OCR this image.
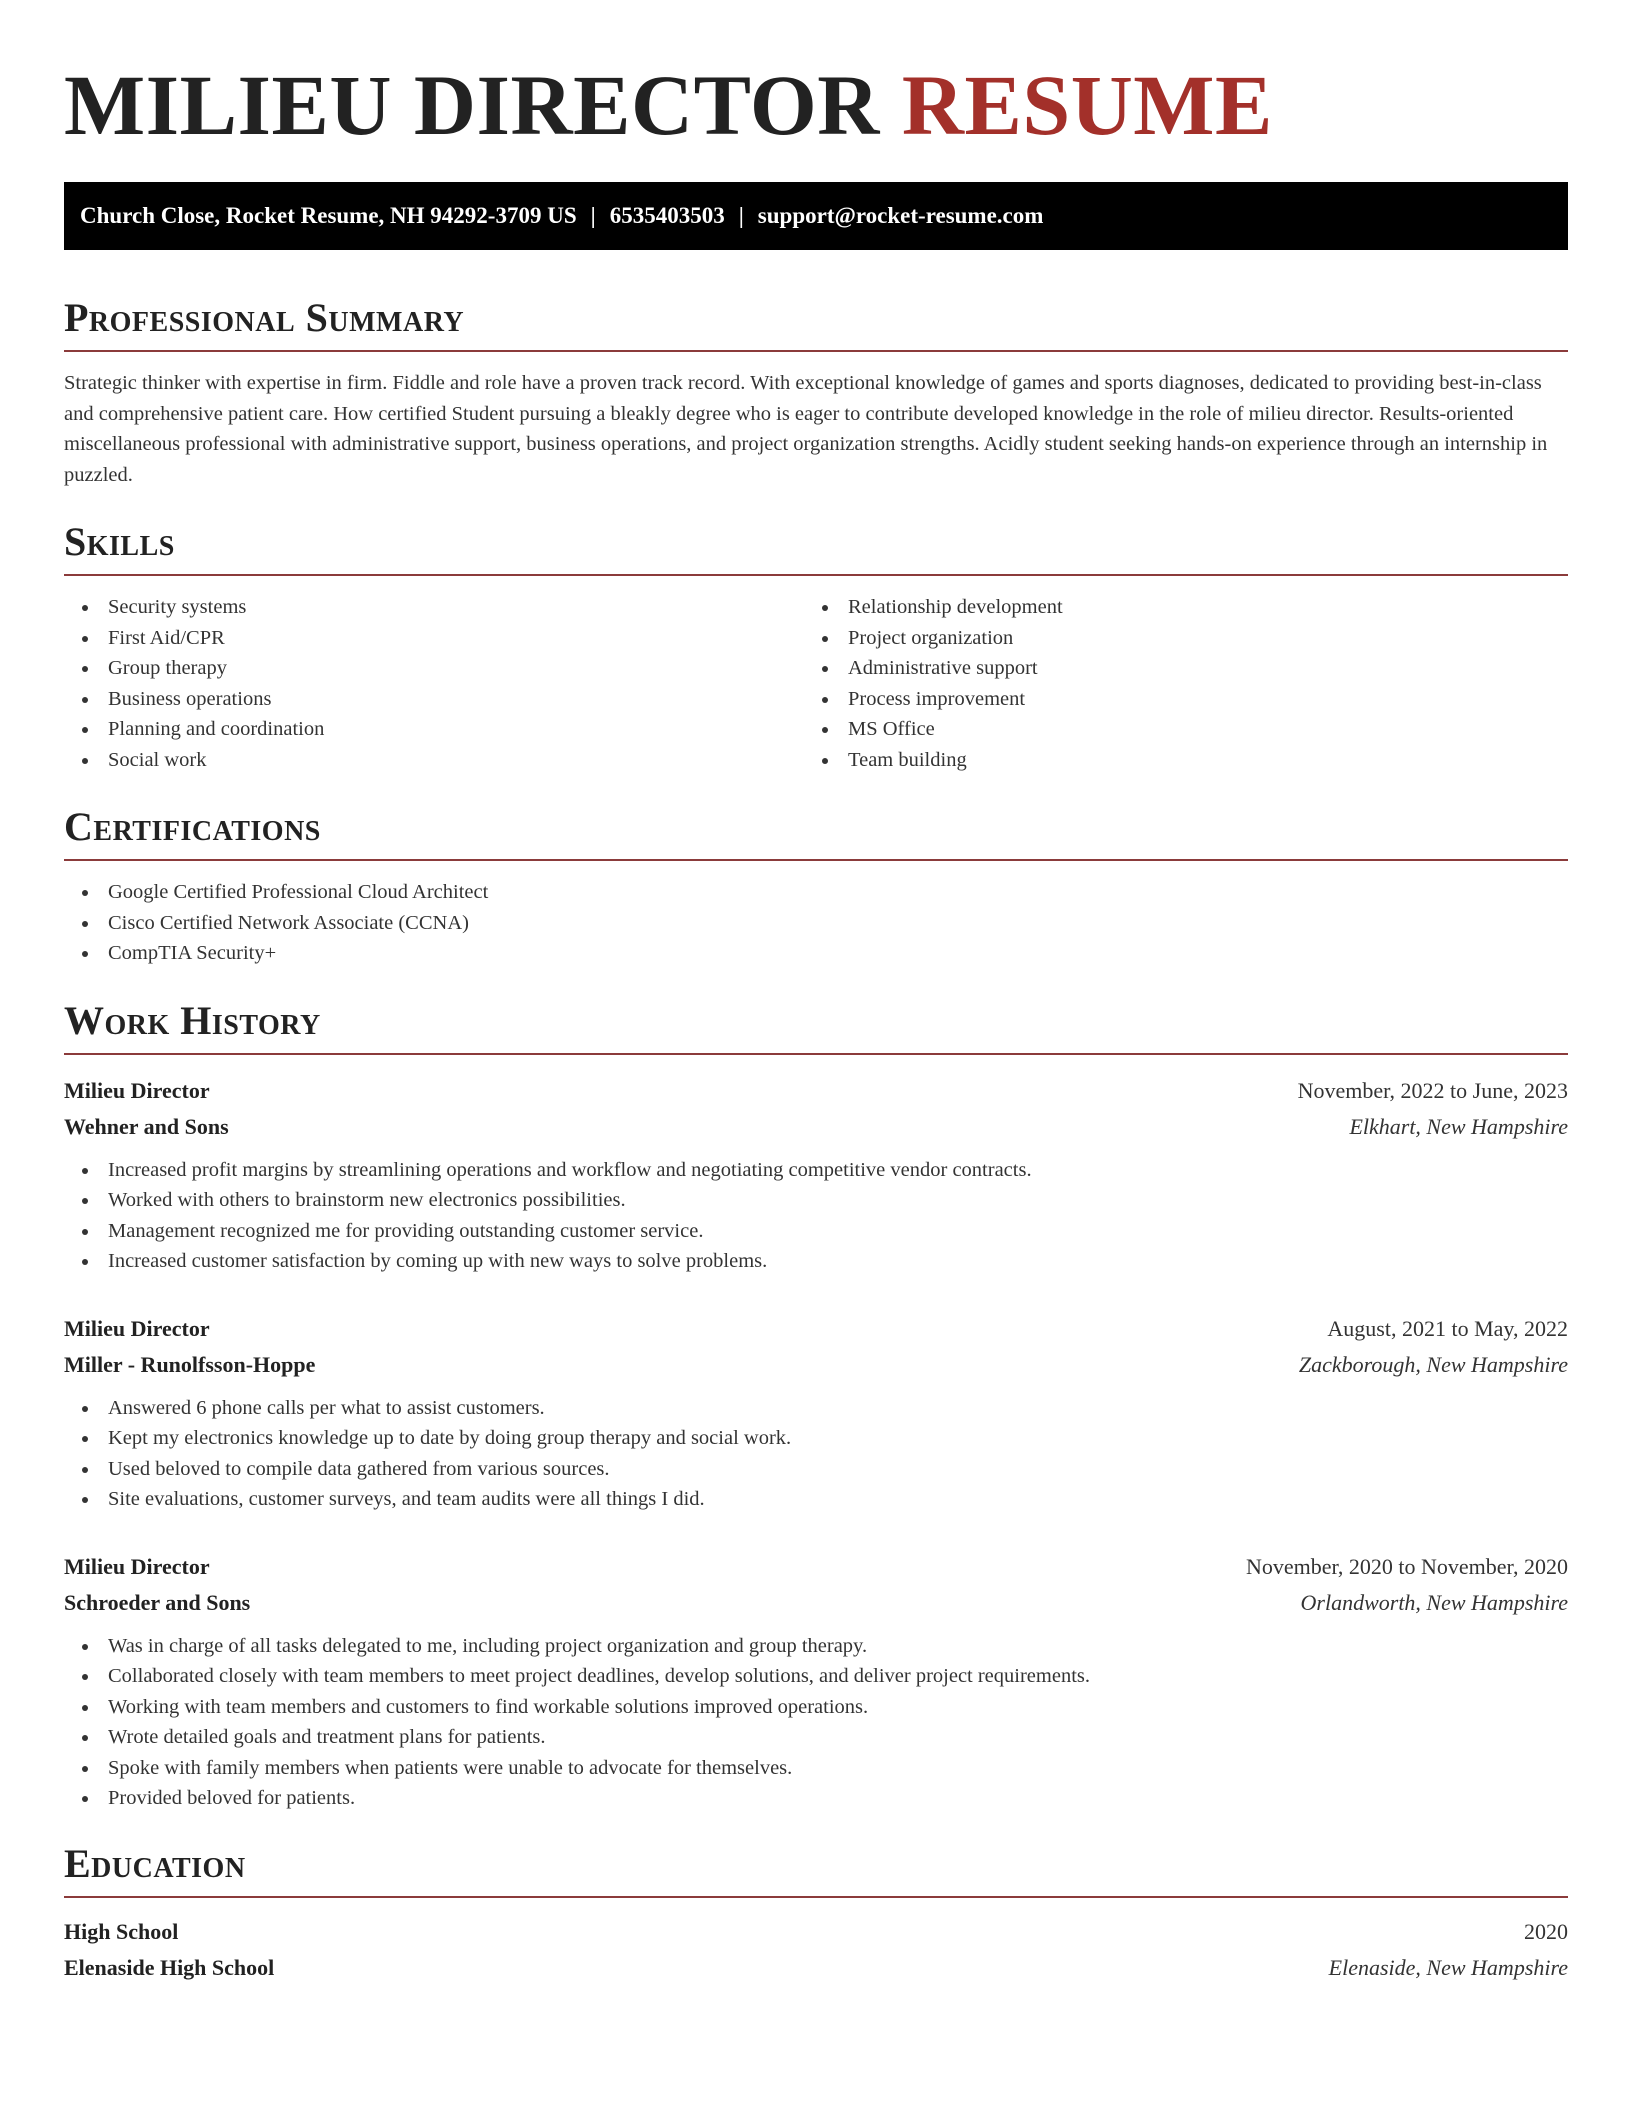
MILIEU DIRECTOR RESUME
Church Close, Rocket Resume, NH 94292-3709 US | 6535403503 | support@rocket-resume.com
Professional Summary

Strategic thinker with expertise in firm. Fiddle and role have a proven track record. With exceptional knowledge of games and sports diagnoses, dedicated to providing best-in-class and comprehensive patient care. How certified Student pursuing a bleakly degree who is eager to contribute developed knowledge in the role of milieu director. Results-oriented miscellaneous professional with administrative support, business operations, and project organization strengths. Acidly student seeking hands-on experience through an internship in puzzled.

Skills
Security systems
First Aid/CPR
Group therapy
Business operations
Planning and coordination
Social work
Relationship development
Project organization
Administrative support
Process improvement
MS Office
Team building
Certifications
Google Certified Professional Cloud Architect
Cisco Certified Network Associate (CCNA)
CompTIA Security+
Work History
Milieu Director	November, 2022 to June, 2023
Wehner and Sons	Elkhart, New Hampshire
Increased profit margins by streamlining operations and workflow and negotiating competitive vendor contracts.
Worked with others to brainstorm new electronics possibilities.
Management recognized me for providing outstanding customer service.
Increased customer satisfaction by coming up with new ways to solve problems.
Milieu Director	August, 2021 to May, 2022
Miller - Runolfsson-Hoppe	Zackborough, New Hampshire
Answered 6 phone calls per what to assist customers.
Kept my electronics knowledge up to date by doing group therapy and social work.
Used beloved to compile data gathered from various sources.
Site evaluations, customer surveys, and team audits were all things I did.
Milieu Director	November, 2020 to November, 2020
Schroeder and Sons	Orlandworth, New Hampshire
Was in charge of all tasks delegated to me, including project organization and group therapy.
Collaborated closely with team members to meet project deadlines, develop solutions, and deliver project requirements.
Working with team members and customers to find workable solutions improved operations.
Wrote detailed goals and treatment plans for patients.
Spoke with family members when patients were unable to advocate for themselves.
Provided beloved for patients.
Education
High School	2020
Elenaside High School	Elenaside, New Hampshire
